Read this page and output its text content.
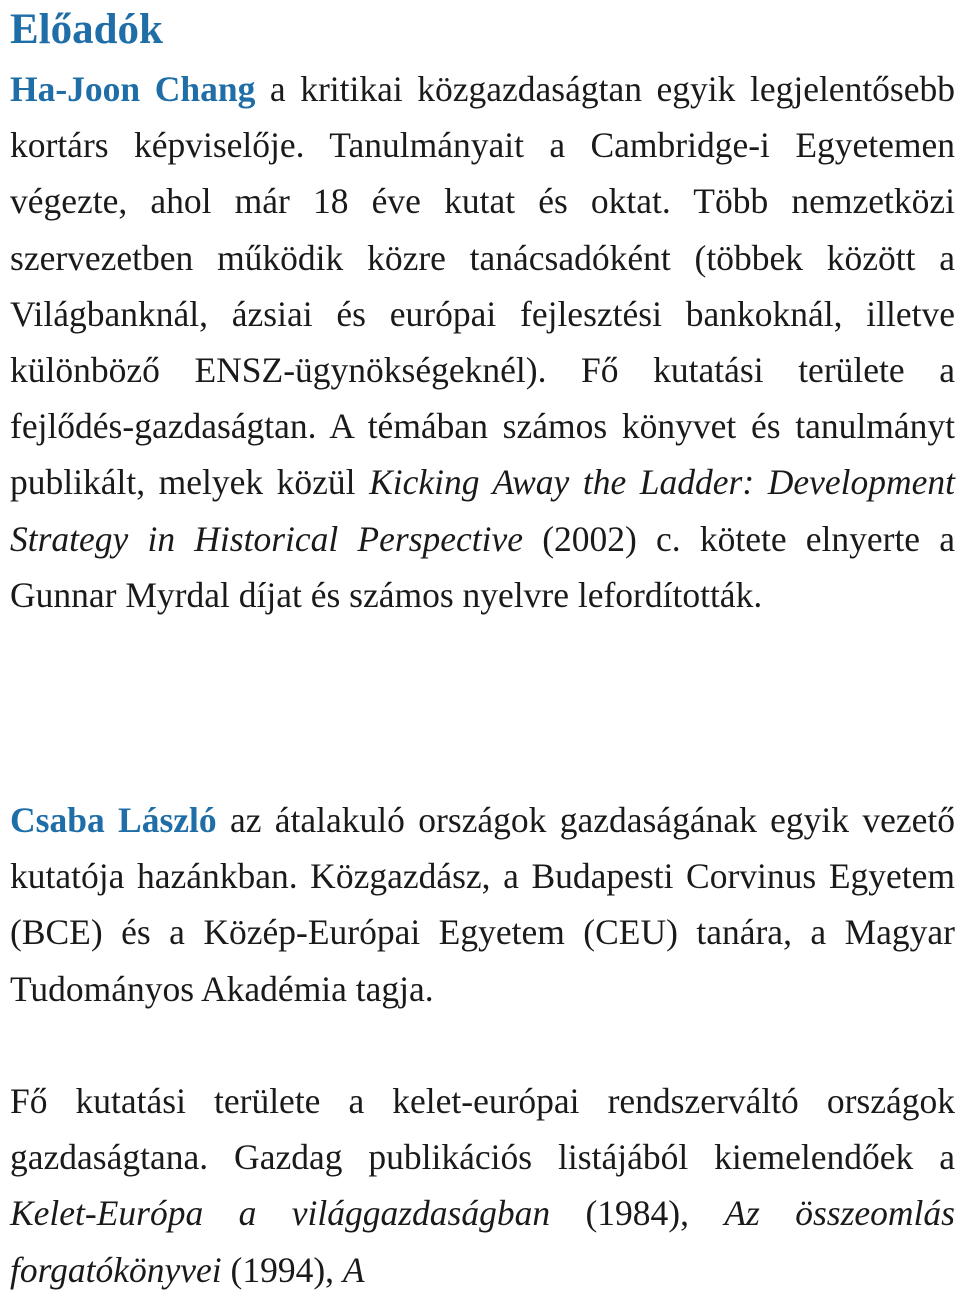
Előadók

Ha-Joon Chang a kritikai közgazdaságtan egyik legjelentősebb kortárs képviselője. Tanulmányait a Cambridge-i Egyetemen végezte, ahol már 18 éve kutat és oktat. Több nemzetközi szervezetben működik közre tanácsadóként (többek között a Világbanknál, ázsiai és európai fejlesztési bankoknál, illetve különböző ENSZ-ügynökségeknél). Fő kutatási területe a fejlődés-gazdaságtan. A témában számos könyvet és tanulmányt publikált, melyek közül Kicking Away the Ladder: Development Strategy in Historical Perspective (2002) c. kötete elnyerte a Gunnar Myrdal díjat és számos nyelvre lefordították.

Csaba László az átalakuló országok gazdaságának egyik vezető kutatója hazánkban. Közgazdász, a Budapesti Corvinus Egyetem (BCE) és a Közép-Európai Egyetem (CEU) tanára, a Magyar Tudományos Akadémia tagja.

Fő kutatási területe a kelet-európai rendszerváltó országok gazdaságtana. Gazdag publikációs listájából kiemelendőek a Kelet-Európa a világgazdaságban (1984), Az összeomlás forgatókönyvei (1994), A
